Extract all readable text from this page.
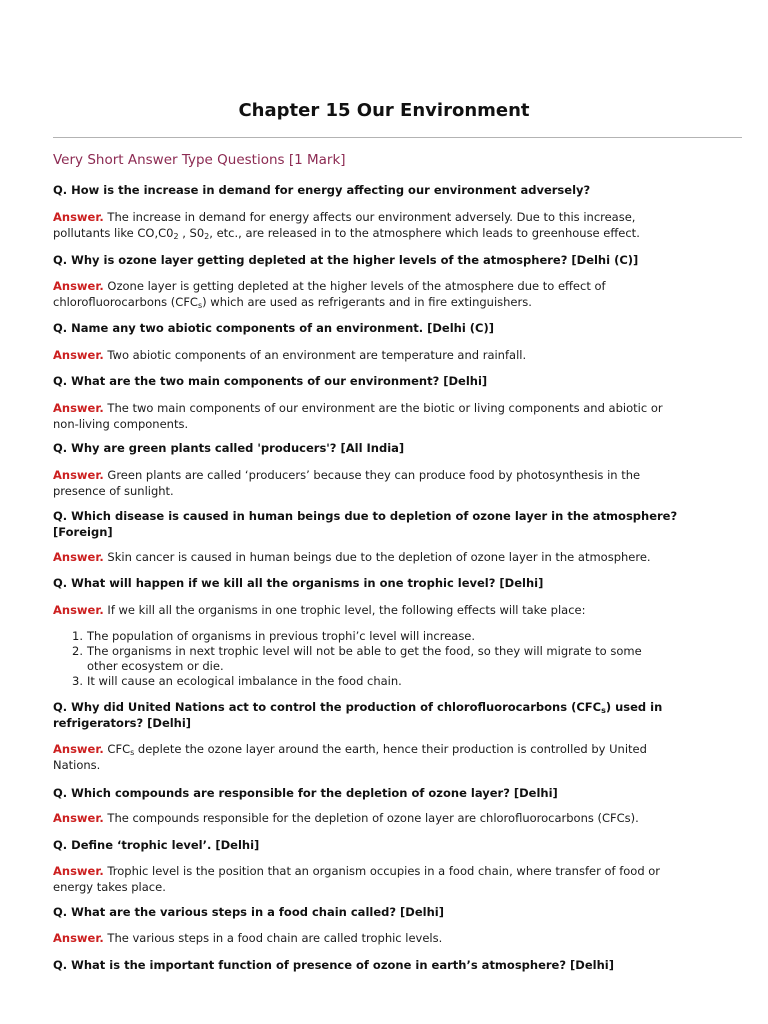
Chapter 15 Our Environment
Very Short Answer Type Questions [1 Mark]
Q. How is the increase in demand for energy affecting our environment adversely?
Answer. The increase in demand for energy affects our environment adversely. Due to this increase,
pollutants like $CO,C0_2$ , $S0_2$, etc., are released in to the atmosphere which leads to greenhouse effect.
Q. Why is ozone layer getting depleted at the higher levels of the atmosphere? [Delhi (C)]
Answer. Ozone layer is getting depleted at the higher levels of the atmosphere due to effect of
chlorofluorocarbons $(CFC_s)$ which are used as refrigerants and in fire extinguishers.
Q. Name any two abiotic components of an environment. [Delhi (C)]
Answer. Two abiotic components of an environment are temperature and rainfall.
Q. What are the two main components of our environment? [Delhi]
Answer. The two main components of our environment are the biotic or living components and abiotic or
non-living components.
Q. Why are green plants called 'producers'? [All India]
Answer. Green plants are called ‘producers’ because they can produce food by photosynthesis in the
presence of sunlight.
Q. Which disease is caused in human beings due to depletion of ozone layer in the atmosphere?
[Foreign]
Answer. Skin cancer is caused in human beings due to the depletion of ozone layer in the atmosphere.
Q. What will happen if we kill all the organisms in one trophic level? [Delhi]
Answer. If we kill all the organisms in one trophic level, the following effects will take place:
1. The population of organisms in previous trophi’c level will increase.
2. The organisms in next trophic level will not be able to get the food, so they will migrate to some
other ecosystem or die.
3. It will cause an ecological imbalance in the food chain.
Q. Why did United Nations act to control the production of chlorofluorocarbons $(CFC_s)$ used in
refrigerators? [Delhi]
Answer. $CFC_s$ deplete the ozone layer around the earth, hence their production is controlled by United
Nations.
Q. Which compounds are responsible for the depletion of ozone layer? [Delhi]
Answer. The compounds responsible for the depletion of ozone layer are chlorofluorocarbons (CFCs).
Q. Define ‘trophic level’. [Delhi]
Answer. Trophic level is the position that an organism occupies in a food chain, where transfer of food or
energy takes place.
Q. What are the various steps in a food chain called? [Delhi]
Answer. The various steps in a food chain are called trophic levels.
Q. What is the important function of presence of ozone in earth’s atmosphere? [Delhi]
